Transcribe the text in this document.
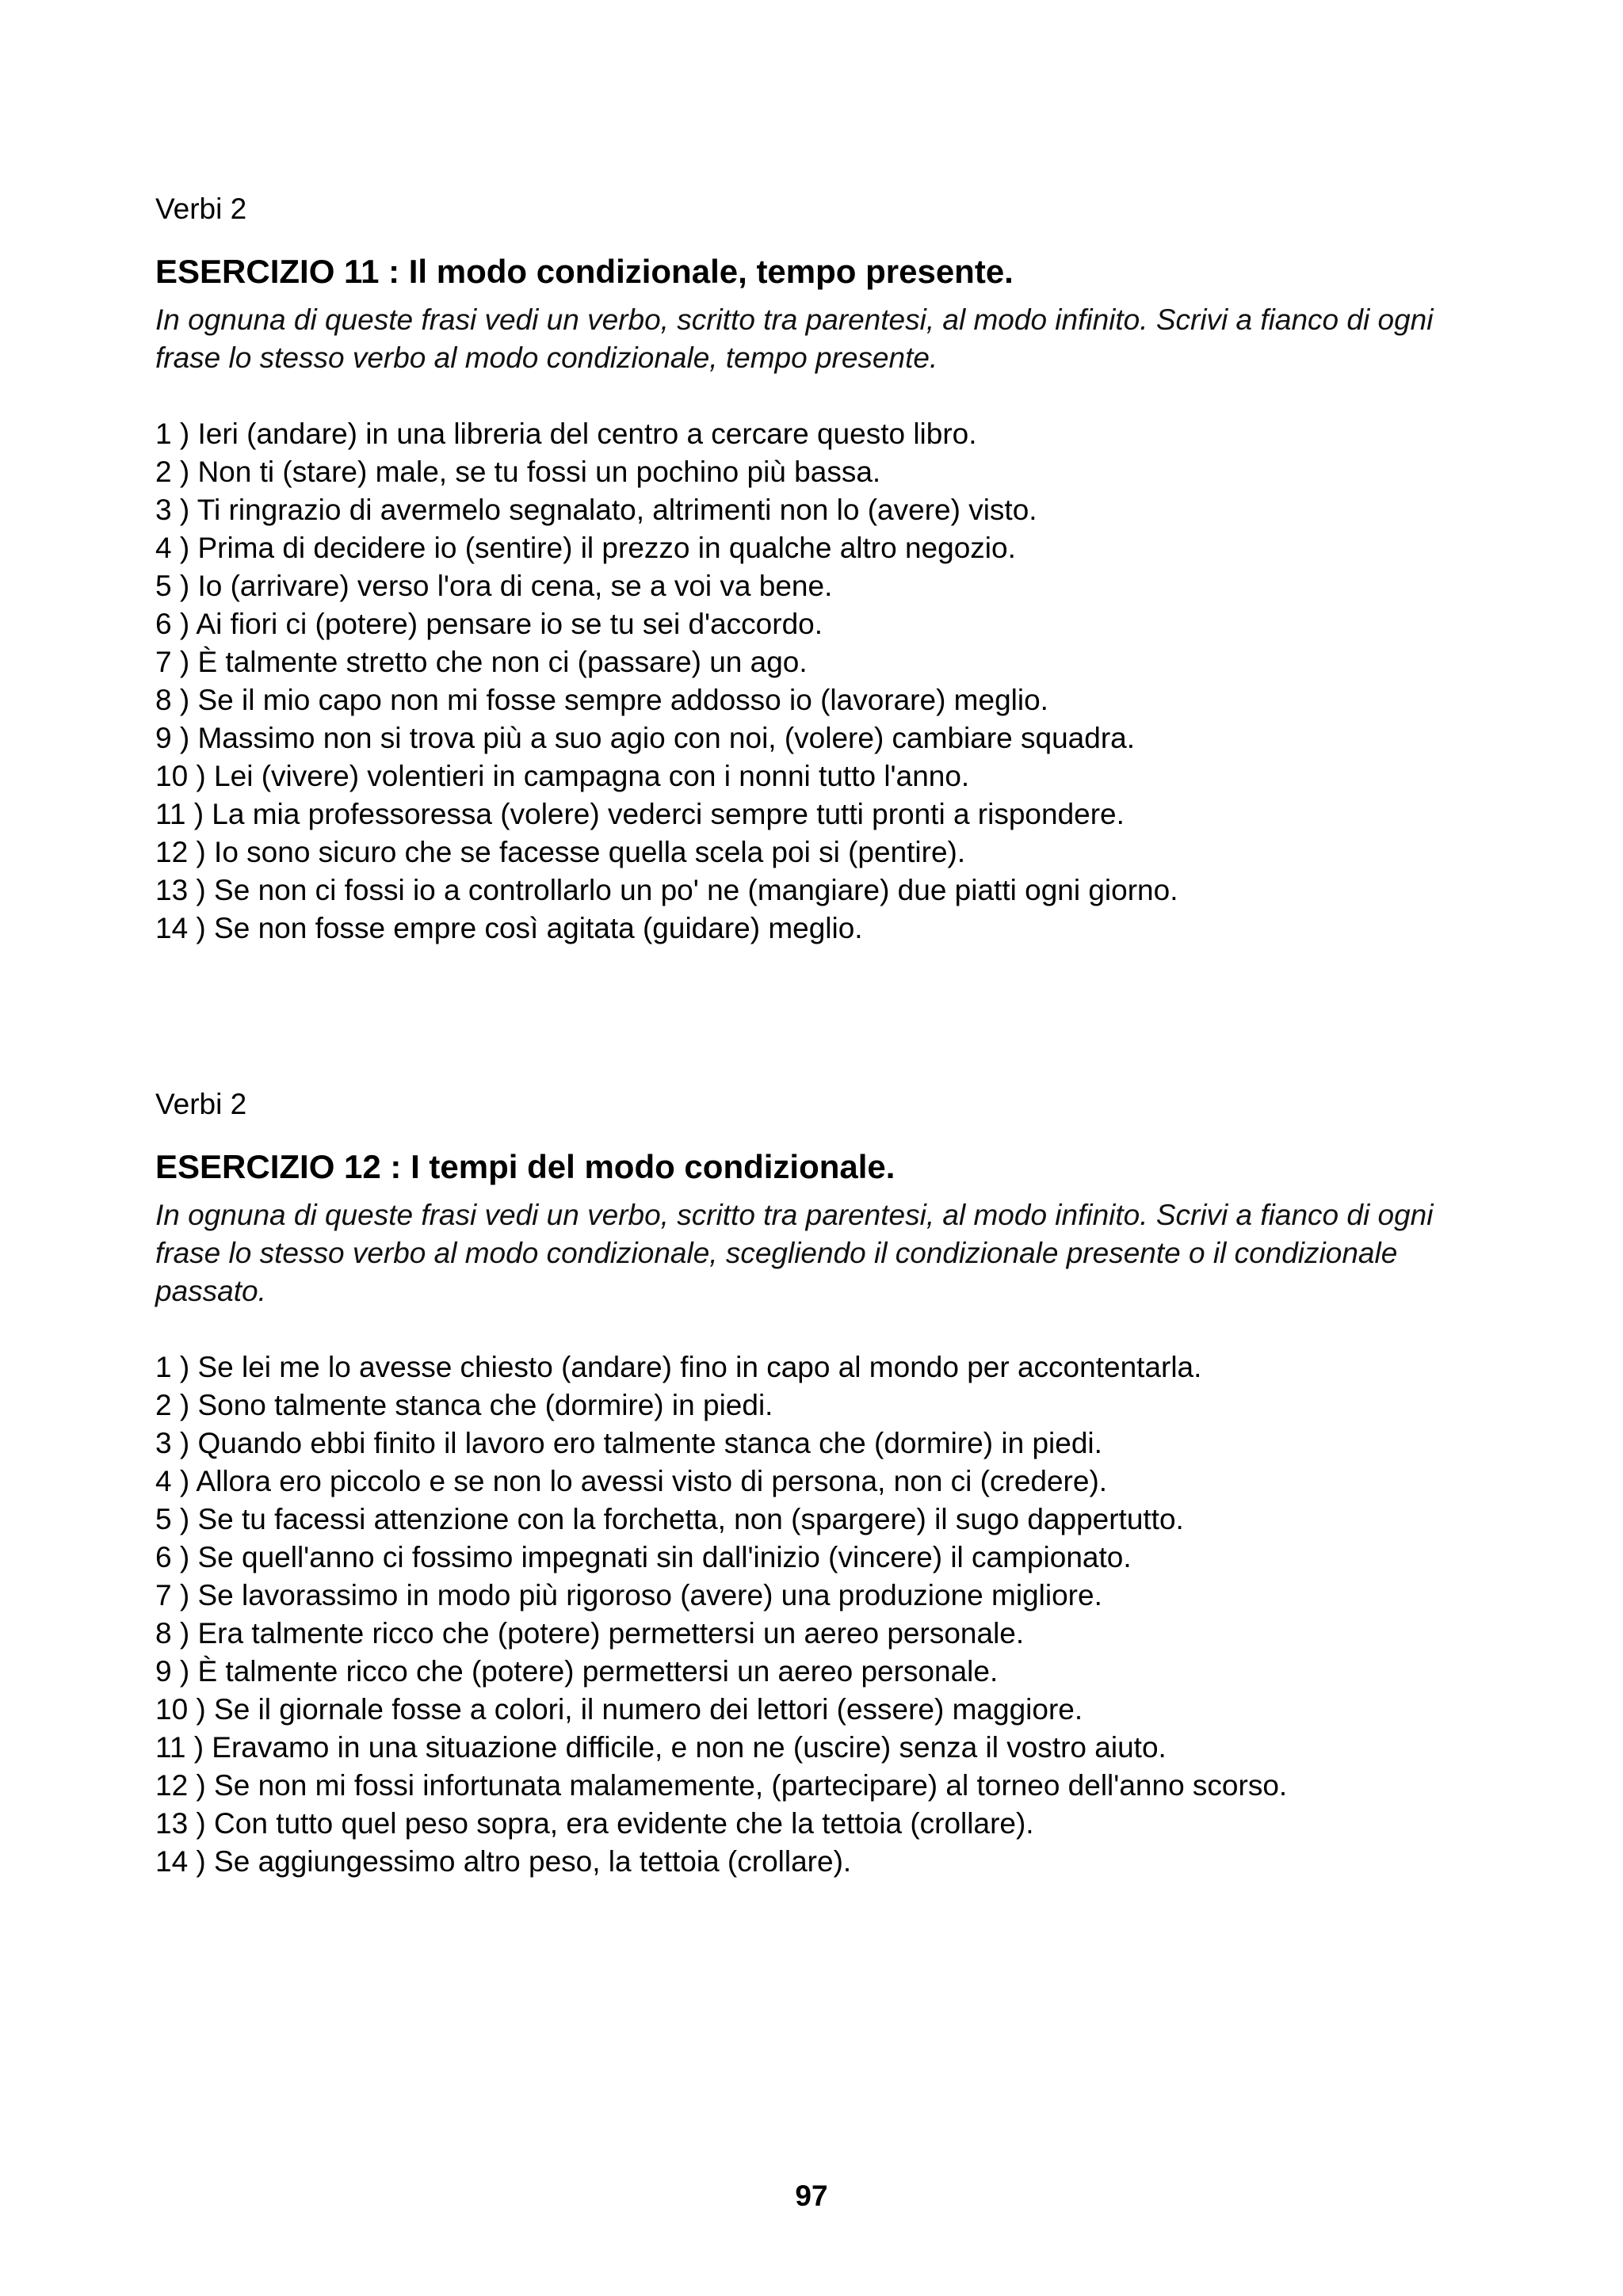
Verbi 2

ESERCIZIO 11 : Il modo condizionale, tempo presente.

In ognuna di queste frasi vedi un verbo, scritto tra parentesi, al modo infinito. Scrivi a fianco di ogni frase lo stesso verbo al modo condizionale, tempo presente.

1 ) Ieri (andare) in una libreria del centro a cercare questo libro.
2 ) Non ti (stare) male, se tu fossi un pochino più bassa.
3 ) Ti ringrazio di avermelo segnalato, altrimenti non lo (avere) visto.
4 ) Prima di decidere io (sentire) il prezzo in qualche altro negozio.
5 ) Io (arrivare) verso l'ora di cena, se a voi va bene.
6 ) Ai fiori ci (potere) pensare io se tu sei d'accordo.
7 ) È talmente stretto che non ci (passare) un ago.
8 ) Se il mio capo non mi fosse sempre addosso io (lavorare) meglio.
9 ) Massimo non si trova più a suo agio con noi, (volere) cambiare squadra.
10 ) Lei (vivere) volentieri in campagna con i nonni tutto l'anno.
11 ) La mia professoressa (volere) vederci sempre tutti pronti a rispondere.
12 ) Io sono sicuro che se facesse quella scela poi si (pentire).
13 ) Se non ci fossi io a controllarlo un po' ne (mangiare) due piatti ogni giorno.
14 ) Se non fosse empre così agitata (guidare) meglio.

Verbi 2

ESERCIZIO 12 : I tempi del modo condizionale.

In ognuna di queste frasi vedi un verbo, scritto tra parentesi, al modo infinito. Scrivi a fianco di ogni frase lo stesso verbo al modo condizionale, scegliendo il condizionale presente o il condizionale passato.

1 ) Se lei me lo avesse chiesto (andare) fino in capo al mondo per accontentarla.
2 ) Sono talmente stanca che (dormire) in piedi.
3 ) Quando ebbi finito il lavoro ero talmente stanca che (dormire) in piedi.
4 ) Allora ero piccolo e se non lo avessi visto di persona, non ci (credere).
5 ) Se tu facessi attenzione con la forchetta, non (spargere) il sugo dappertutto.
6 ) Se quell'anno ci fossimo impegnati sin dall'inizio (vincere) il campionato.
7 ) Se lavorassimo in modo più rigoroso (avere) una produzione migliore.
8 ) Era talmente ricco che (potere) permettersi un aereo personale.
9 ) È talmente ricco che (potere) permettersi un aereo personale.
10 ) Se il giornale fosse a colori, il numero dei lettori (essere) maggiore.
11 ) Eravamo in una situazione difficile, e non ne (uscire) senza il vostro aiuto.
12 ) Se non mi fossi infortunata malamemente, (partecipare) al torneo dell'anno scorso.
13 ) Con tutto quel peso sopra, era evidente che la tettoia (crollare).
14 ) Se aggiungessimo altro peso, la tettoia (crollare).
97
